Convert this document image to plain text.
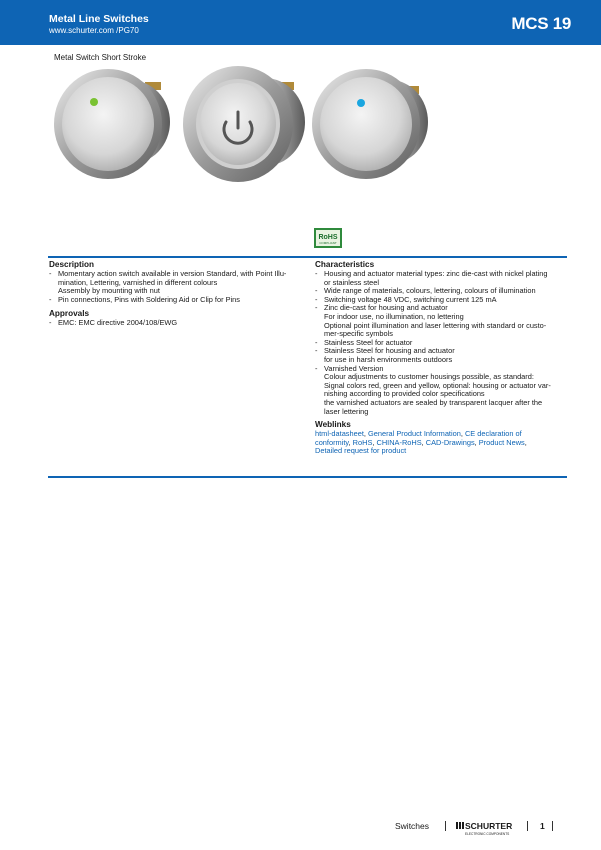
Metal Line Switches
www.schurter.com /PG70	MCS 19
Metal Switch Short Stroke
RoHS
COMPLIANT
Description
- Momentary action switch available in version Standard, with Point Illu-
mination, Lettering, varnished in different colours
Assembly by mounting with nut
- Pin connections, Pins with Soldering Aid or Clip for Pins
Approvals
- EMC: EMC directive 2004/108/EWG
Characteristics
- Housing and actuator material types: zinc die-cast with nickel plating
or stainless steel
- Wide range of materials, colours, lettering, colours of illumination
- Switching voltage 48 VDC, switching current 125 mA
- Zinc die-cast for housing and actuator
For indoor use, no illumination, no lettering
Optional point illumination and laser lettering with standard or custo-
mer-specific symbols
- Stainless Steel for actuator
- Stainless Steel for housing and actuator
for use in harsh environments outdoors
- Varnished Version
Colour adjustments to customer housings possible, as standard:
Signal colors red, green and yellow, optional: housing or actuator var-
nishing according to provided color specifications
the varnished actuators are sealed by transparent lacquer after the
laser lettering
Weblinks
html-datasheet, General Product Information, CE declaration of conformity, RoHS, CHINA-RoHS, CAD-Drawings, Product News, Detailed request for product
Switches	SCHURTER
ELECTRONIC COMPONENTS
1
